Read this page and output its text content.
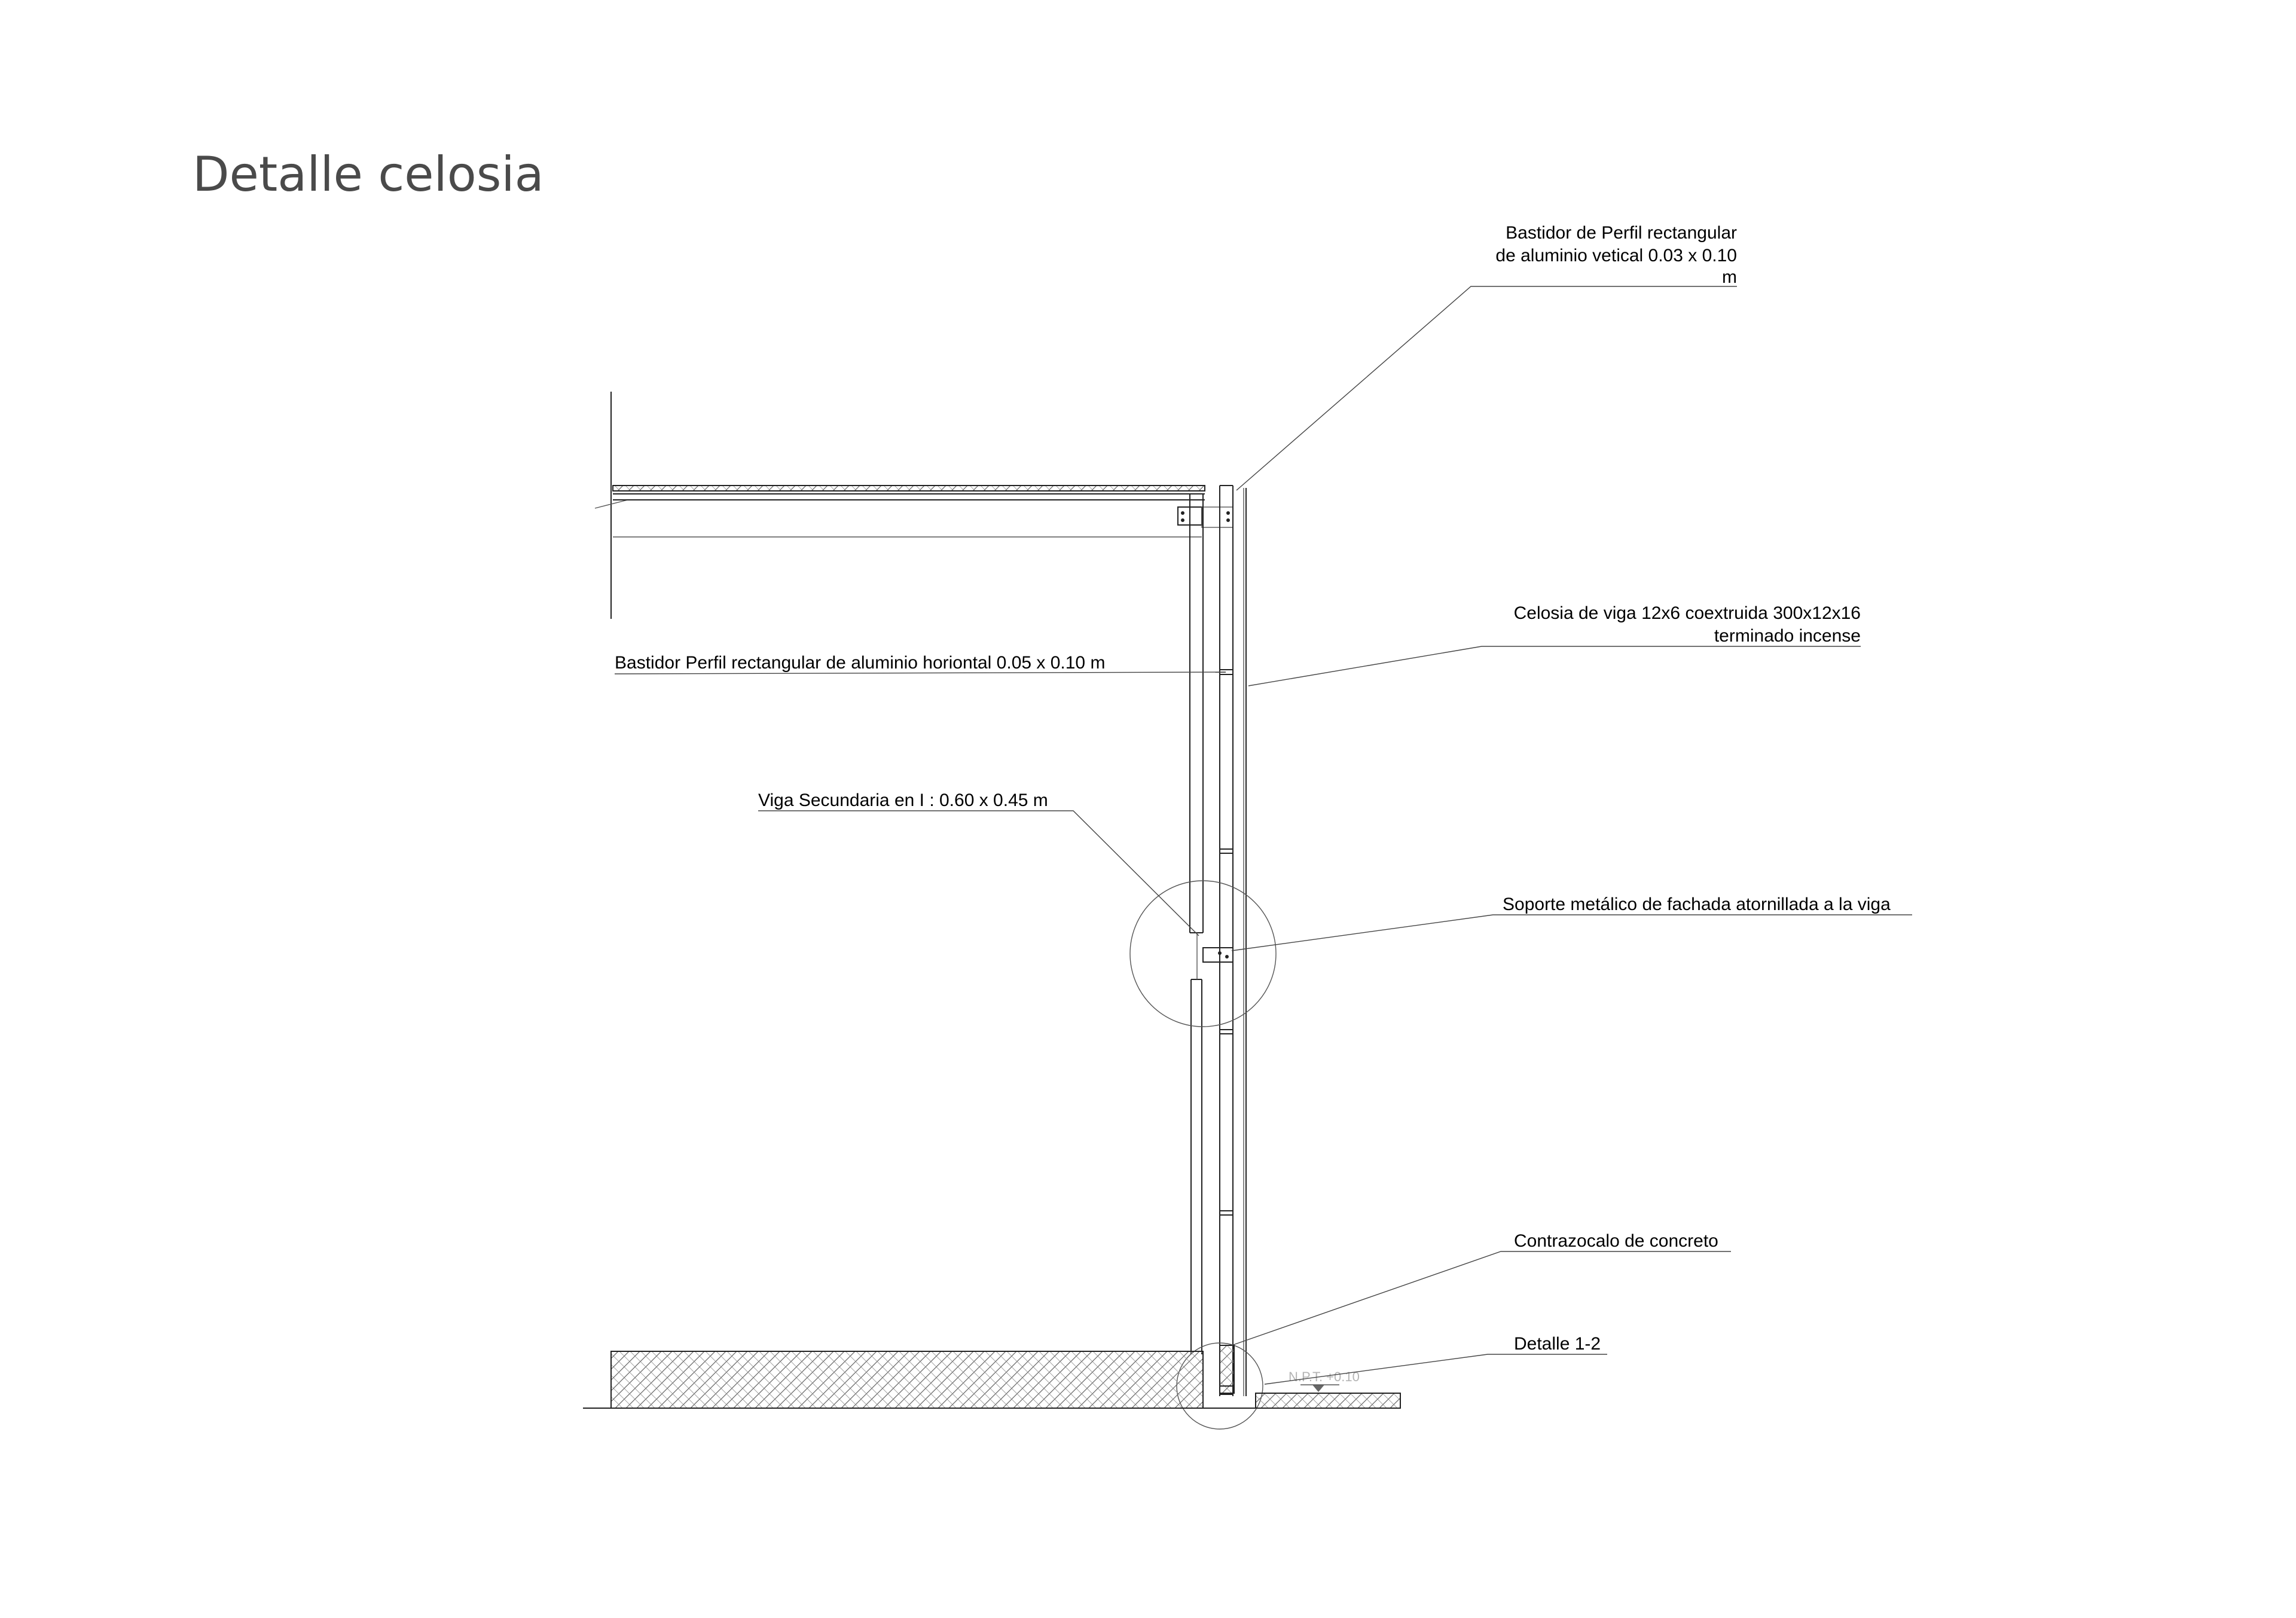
Detalle celosia
N.P.T. +0.10
Bastidor de Perfil rectangular
de aluminio vetical 0.03 x 0.10
m
Celosia de viga 12x6 coextruida 300x12x16
terminado incense
Bastidor Perfil rectangular de aluminio horiontal 0.05 x 0.10 m
Viga Secundaria en I : 0.60 x 0.45 m
Soporte metálico de fachada atornillada a la viga
Contrazocalo de concreto
Detalle 1-2
